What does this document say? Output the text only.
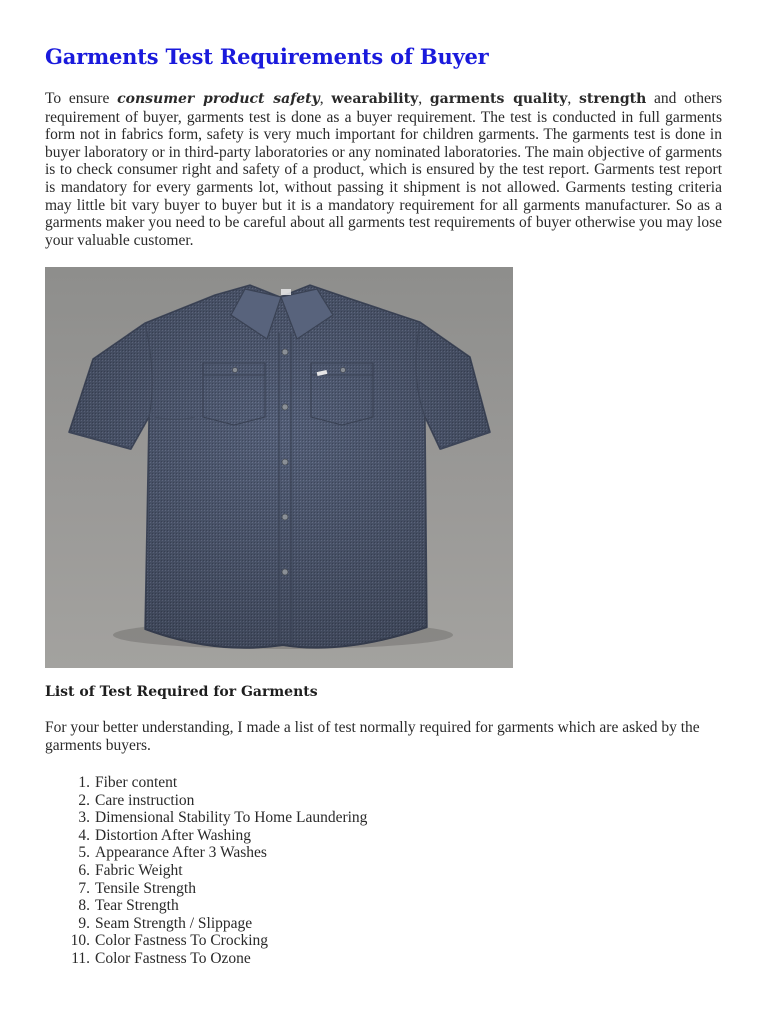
Garments Test Requirements of Buyer

To ensure consumer product safety, wearability, garments quality, strength and others requirement of buyer, garments test is done as a buyer requirement. The test is conducted in full garments form not in fabrics form, safety is very much important for children garments. The garments test is done in buyer laboratory or in third-party laboratories or any nominated laboratories. The main objective of garments is to check consumer right and safety of a product, which is ensured by the test report. Garments test report is mandatory for every garments lot, without passing it shipment is not allowed. Garments testing criteria may little bit vary buyer to buyer but it is a mandatory requirement for all garments manufacturer. So as a garments maker you need to be careful about all garments test requirements of buyer otherwise you may lose your valuable customer.

List of Test Required for Garments

For your better understanding, I made a list of test normally required for garments which are asked by the garments buyers.

1. Fiber content
2. Care instruction
3. Dimensional Stability To Home Laundering
4. Distortion After Washing
5. Appearance After 3 Washes
6. Fabric Weight
7. Tensile Strength
8. Tear Strength
9. Seam Strength / Slippage
10. Color Fastness To Crocking
11. Color Fastness To Ozone
